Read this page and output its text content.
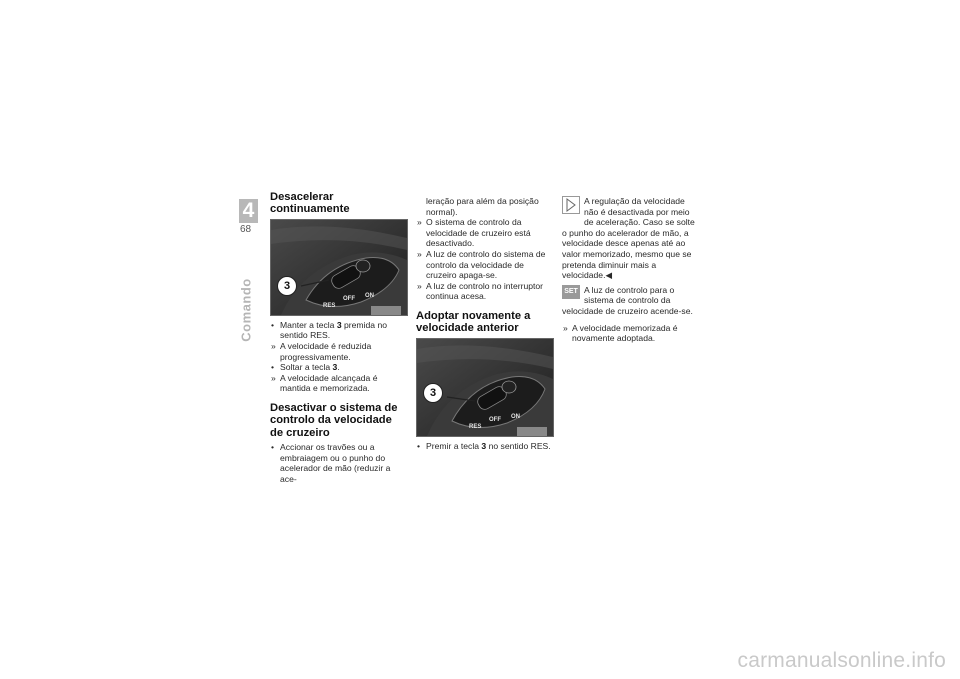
4
68
Comando
Desacelerar continuamente
RES
OFF ON
3
• Manter a tecla 3 premida no sentido RES.
» A velocidade é reduzida progressivamente.
• Soltar a tecla 3.
» A velocidade alcançada é mantida e memorizada.
Desactivar o sistema de controlo da velocidade de cruzeiro
• Accionar os travões ou a embraiagem ou o punho do acelerador de mão (reduzir a ace-
leração para além da posição normal).
» O sistema de controlo da velocidade de cruzeiro está desactivado.
» A luz de controlo do sistema de controlo da velocidade de cruzeiro apaga-se.
» A luz de controlo no interruptor continua acesa.
Adoptar novamente a velocidade anterior
RES
OFF ON
3
• Premir a tecla 3 no sentido RES.
A regulação da velocidade não é desactivada por meio de aceleração. Caso se solte o punho do acelerador de mão, a velocidade desce apenas até ao valor memorizado, mesmo que se pretenda diminuir mais a velocidade.◀
SET A luz de controlo para o sistema de controlo da velocidade de cruzeiro acende-se.
» A velocidade memorizada é novamente adoptada.
carmanualsonline.info
